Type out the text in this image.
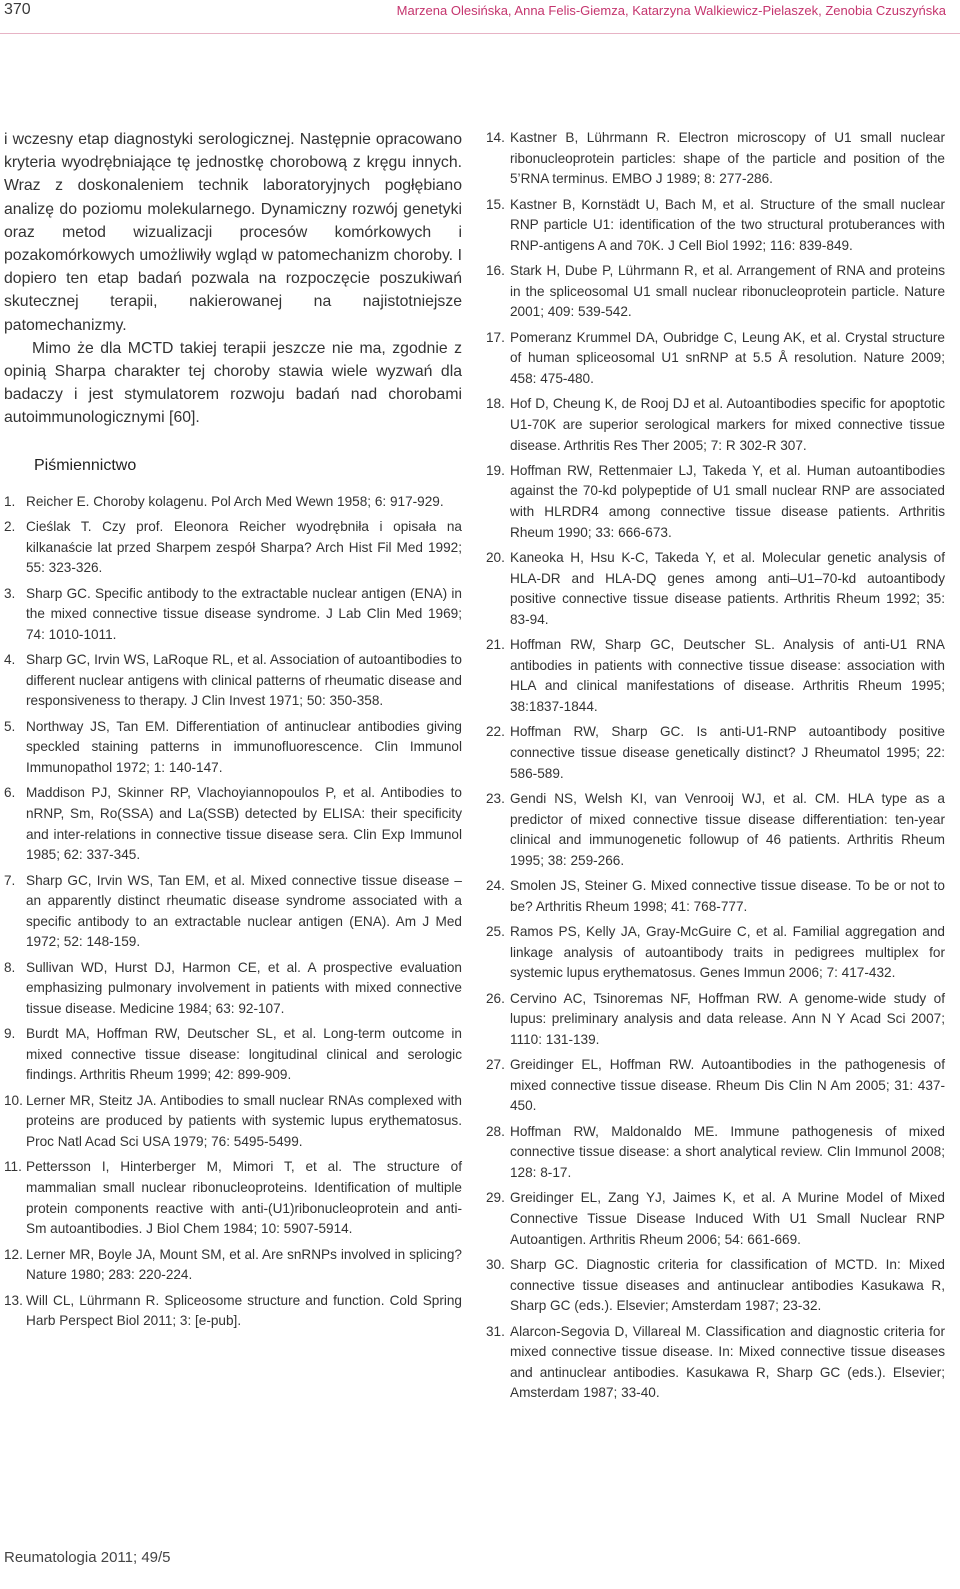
370	Marzena Olesińska, Anna Felis-Giemza, Katarzyna Walkiewicz-Pielaszek, Zenobia Czuszyńska

i wczesny etap diagnostyki serologicznej. Następnie opracowano kryteria wyodrębniające tę jednostkę chorobową z kręgu innych. Wraz z doskonaleniem technik laboratoryjnych pogłębiano analizę do poziomu molekularnego. Dynamiczny rozwój genetyki oraz metod wizualizacji procesów komórkowych i pozakomórkowych umożliwiły wgląd w patomechanizm choroby. I dopiero ten etap badań pozwala na rozpoczęcie poszukiwań skutecznej terapii, nakierowanej na najistotniejsze patomechanizmy.

Mimo że dla MCTD takiej terapii jeszcze nie ma, zgodnie z opinią Sharpa charakter tej choroby stawia wiele wyzwań dla badaczy i jest stymulatorem rozwoju badań nad chorobami autoimmunologicznymi [60].

Piśmiennictwo
1. Reicher E. Choroby kolagenu. Pol Arch Med Wewn 1958; 6: 917-929.
2. Cieślak T. Czy prof. Eleonora Reicher wyodrębniła i opisała na kilkanaście lat przed Sharpem zespół Sharpa? Arch Hist Fil Med 1992; 55: 323-326.
3. Sharp GC. Specific antibody to the extractable nuclear antigen (ENA) in the mixed connective tissue disease syndrome. J Lab Clin Med 1969; 74: 1010-1011.
4. Sharp GC, Irvin WS, LaRoque RL, et al. Association of autoantibodies to different nuclear antigens with clinical patterns of rheumatic disease and responsiveness to therapy. J Clin Invest 1971; 50: 350-358.
5. Northway JS, Tan EM. Differentiation of antinuclear antibodies giving speckled staining patterns in immunofluorescence. Clin Immunol Immunopathol 1972; 1: 140-147.
6. Maddison PJ, Skinner RP, Vlachoyiannopoulos P, et al. Antibodies to nRNP, Sm, Ro(SSA) and La(SSB) detected by ELISA: their specificity and inter-relations in connective tissue disease sera. Clin Exp Immunol 1985; 62: 337-345.
7. Sharp GC, Irvin WS, Tan EM, et al. Mixed connective tissue disease – an apparently distinct rheumatic disease syndrome associated with a specific antibody to an extractable nuclear antigen (ENA). Am J Med 1972; 52: 148-159.
8. Sullivan WD, Hurst DJ, Harmon CE, et al. A prospective evaluation emphasizing pulmonary involvement in patients with mixed connective tissue disease. Medicine 1984; 63: 92-107.
9. Burdt MA, Hoffman RW, Deutscher SL, et al. Long-term outcome in mixed connective tissue disease: longitudinal clinical and serologic findings. Arthritis Rheum 1999; 42: 899-909.
10. Lerner MR, Steitz JA. Antibodies to small nuclear RNAs complexed with proteins are produced by patients with systemic lupus erythematosus. Proc Natl Acad Sci USA 1979; 76: 5495-5499.
11. Pettersson I, Hinterberger M, Mimori T, et al. The structure of mammalian small nuclear ribonucleoproteins. Identification of multiple protein components reactive with anti-(U1)ribonucleoprotein and anti-Sm autoantibodies. J Biol Chem 1984; 10: 5907-5914.
12. Lerner MR, Boyle JA, Mount SM, et al. Are snRNPs involved in splicing? Nature 1980; 283: 220-224.
13. Will CL, Lührmann R. Spliceosome structure and function. Cold Spring Harb Perspect Biol 2011; 3: [e-pub].
14. Kastner B, Lührmann R. Electron microscopy of U1 small nuclear ribonucleoprotein particles: shape of the particle and position of the 5’RNA terminus. EMBO J 1989; 8: 277-286.
15. Kastner B, Kornstädt U, Bach M, et al. Structure of the small nuclear RNP particle U1: identification of the two structural protuberances with RNP-antigens A and 70K. J Cell Biol 1992; 116: 839-849.
16. Stark H, Dube P, Lührmann R, et al. Arrangement of RNA and proteins in the spliceosomal U1 small nuclear ribonucleoprotein particle. Nature 2001; 409: 539-542.
17. Pomeranz Krummel DA, Oubridge C, Leung AK, et al. Crystal structure of human spliceosomal U1 snRNP at 5.5 Å resolution. Nature 2009; 458: 475-480.
18. Hof D, Cheung K, de Rooj DJ et al. Autoantibodies specific for apoptotic U1-70K are superior serological markers for mixed connective tissue disease. Arthritis Res Ther 2005; 7: R 302-R 307.
19. Hoffman RW, Rettenmaier LJ, Takeda Y, et al. Human autoantibodies against the 70-kd polypeptide of U1 small nuclear RNP are associated with HLRDR4 among connective tissue disease patients. Arthritis Rheum 1990; 33: 666-673.
20. Kaneoka H, Hsu K-C, Takeda Y, et al. Molecular genetic analysis of HLA-DR and HLA-DQ genes among anti–U1–70-kd autoantibody positive connective tissue disease patients. Arthritis Rheum 1992; 35: 83-94.
21. Hoffman RW, Sharp GC, Deutscher SL. Analysis of anti-U1 RNA antibodies in patients with connective tissue disease: association with HLA and clinical manifestations of disease. Arthritis Rheum 1995; 38:1837-1844.
22. Hoffman RW, Sharp GC. Is anti-U1-RNP autoantibody positive connective tissue disease genetically distinct? J Rheumatol 1995; 22: 586-589.
23. Gendi NS, Welsh KI, van Venrooij WJ, et al. CM. HLA type as a predictor of mixed connective tissue disease differentiation: ten-year clinical and immunogenetic followup of 46 patients. Arthritis Rheum 1995; 38: 259-266.
24. Smolen JS, Steiner G. Mixed connective tissue disease. To be or not to be? Arthritis Rheum 1998; 41: 768-777.
25. Ramos PS, Kelly JA, Gray-McGuire C, et al. Familial aggregation and linkage analysis of autoantibody traits in pedigrees multiplex for systemic lupus erythematosus. Genes Immun 2006; 7: 417-432.
26. Cervino AC, Tsinoremas NF, Hoffman RW. A genome-wide study of lupus: preliminary analysis and data release. Ann N Y Acad Sci 2007; 1110: 131-139.
27. Greidinger EL, Hoffman RW. Autoantibodies in the pathogenesis of mixed connective tissue disease. Rheum Dis Clin N Am 2005; 31: 437-450.
28. Hoffman RW, Maldonaldo ME. Immune pathogenesis of mixed connective tissue disease: a short analytical review. Clin Immunol 2008; 128: 8-17.
29. Greidinger EL, Zang YJ, Jaimes K, et al. A Murine Model of Mixed Connective Tissue Disease Induced With U1 Small Nuclear RNP Autoantigen. Arthritis Rheum 2006; 54: 661-669.
30. Sharp GC. Diagnostic criteria for classification of MCTD. In: Mixed connective tissue diseases and antinuclear antibodies Kasukawa R, Sharp GC (eds.). Elsevier; Amsterdam 1987; 23-32.
31. Alarcon-Segovia D, Villareal M. Classification and diagnostic criteria for mixed connective tissue disease. In: Mixed connective tissue diseases and antinuclear antibodies. Kasukawa R, Sharp GC (eds.). Elsevier; Amsterdam 1987; 33-40.
Reumatologia 2011; 49/5
